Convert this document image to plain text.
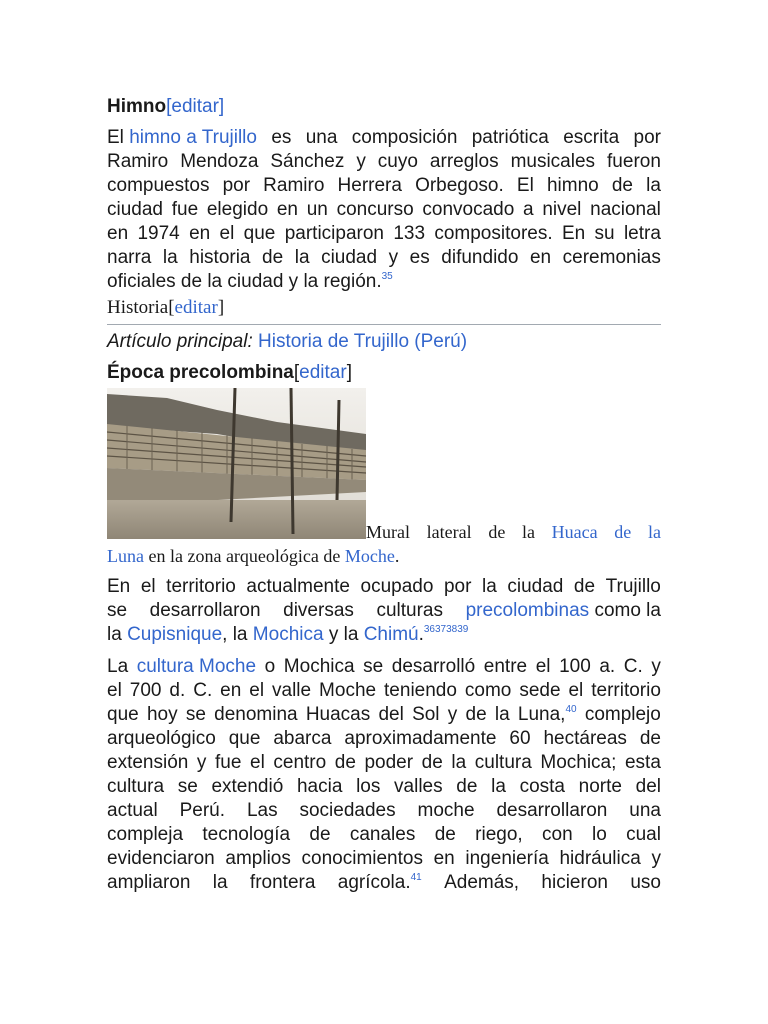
Himno[editar]
El himno a Trujillo es una composición patriótica escrita por
Ramiro Mendoza Sánchez y cuyo arreglos musicales fueron
compuestos por Ramiro Herrera Orbegoso. El himno de la
ciudad fue elegido en un concurso convocado a nivel nacional
en 1974 en el que participaron 133 compositores. En su letra
narra la historia de la ciudad y es difundido en ceremonias
oficiales de la ciudad y la región.$^{35}$
Historia[editar]
Artículo principal: Historia de Trujillo (Perú)
Época precolombina[editar]
Mural lateral de la Huaca de la
Luna en la zona arqueológica de Moche.
En el territorio actualmente ocupado por la ciudad de Trujillo
se desarrollaron diversas culturas precolombinas como la
la Cupisnique, la Mochica y la Chimú.$^{36373839}$
La cultura Moche o Mochica se desarrolló entre el 100 a. C. y
el 700 d. C. en el valle Moche teniendo como sede el territorio
que hoy se denomina Huacas del Sol y de la Luna,$^{40}$ complejo
arqueológico que abarca aproximadamente 60 hectáreas de
extensión y fue el centro de poder de la cultura Mochica; esta
cultura se extendió hacia los valles de la costa norte del
actual Perú. Las sociedades moche desarrollaron una
compleja tecnología de canales de riego, con lo cual
evidenciaron amplios conocimientos en ingeniería hidráulica y
ampliaron la frontera agrícola.$^{41}$ Además, hicieron uso
